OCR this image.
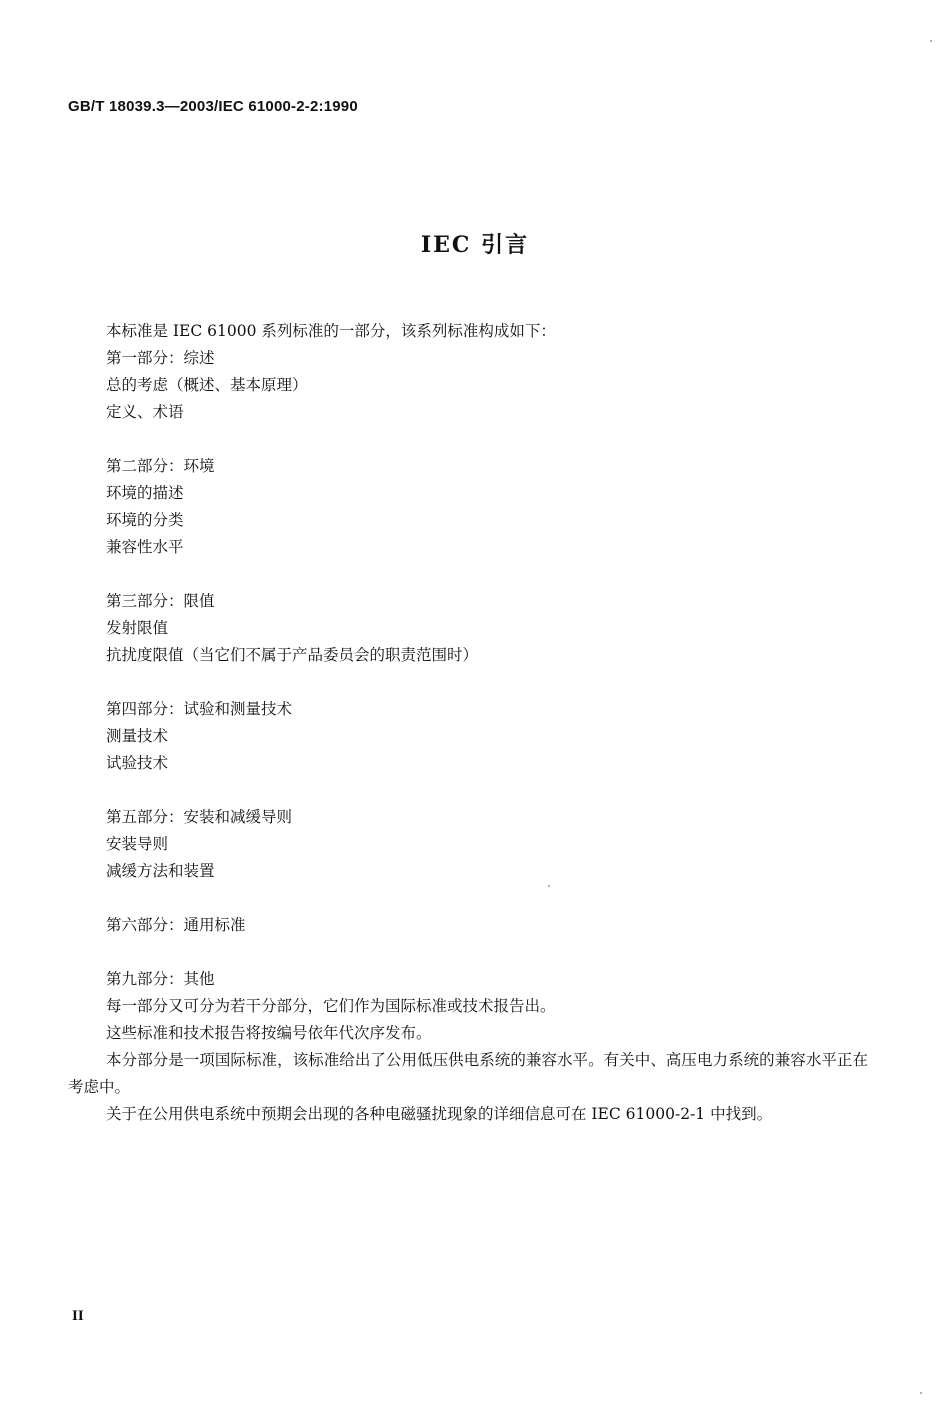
GB/T 18039.3—2003/IEC 61000-2-2:1990
IEC 引言
本标准是 IEC 61000 系列标准的一部分，该系列标准构成如下：
第一部分：综述
总的考虑（概述、基本原理）
定义、术语
第二部分：环境
环境的描述
环境的分类
兼容性水平
第三部分：限值
发射限值
抗扰度限值（当它们不属于产品委员会的职责范围时）
第四部分：试验和测量技术
测量技术
试验技术
第五部分：安装和减缓导则
安装导则
减缓方法和装置
第六部分：通用标准
第九部分：其他
每一部分又可分为若干分部分，它们作为国际标准或技术报告出。
这些标准和技术报告将按编号依年代次序发布。
本分部分是一项国际标准，该标准给出了公用低压供电系统的兼容水平。有关中、高压电力系统的兼容水平正在考虑中。
关于在公用供电系统中预期会出现的各种电磁骚扰现象的详细信息可在 IEC 61000-2-1 中找到。
II
